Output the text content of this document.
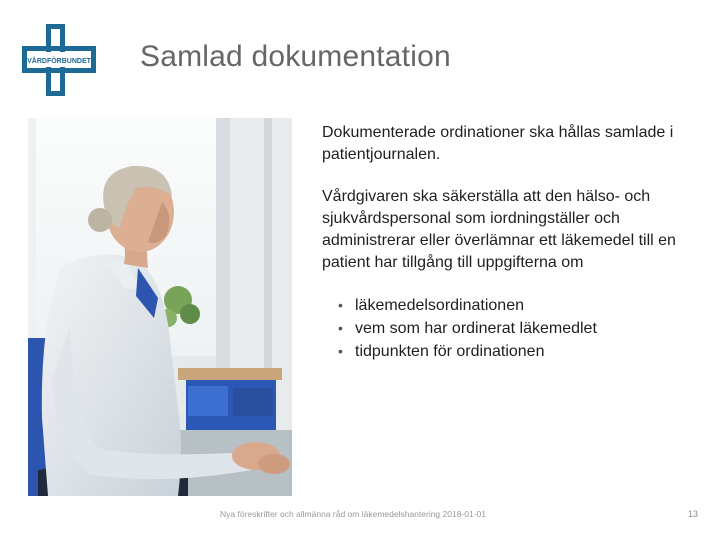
VÅRDFÖRBUNDET Samlad dokumentation

Dokumenterade ordinationer ska hållas samlade i patientjournalen.

Vårdgivaren ska säkerställa att den hälso- och sjukvårdspersonal som iordningställer och administrerar eller överlämnar ett läkemedel till en patient har tillgång till uppgifterna om

• läkemedelsordinationen
• vem som har ordinerat läkemedlet
• tidpunkten för ordinationen
Nya föreskrifter och allmänna råd om läkemedelshantering 2018-01-01	13
